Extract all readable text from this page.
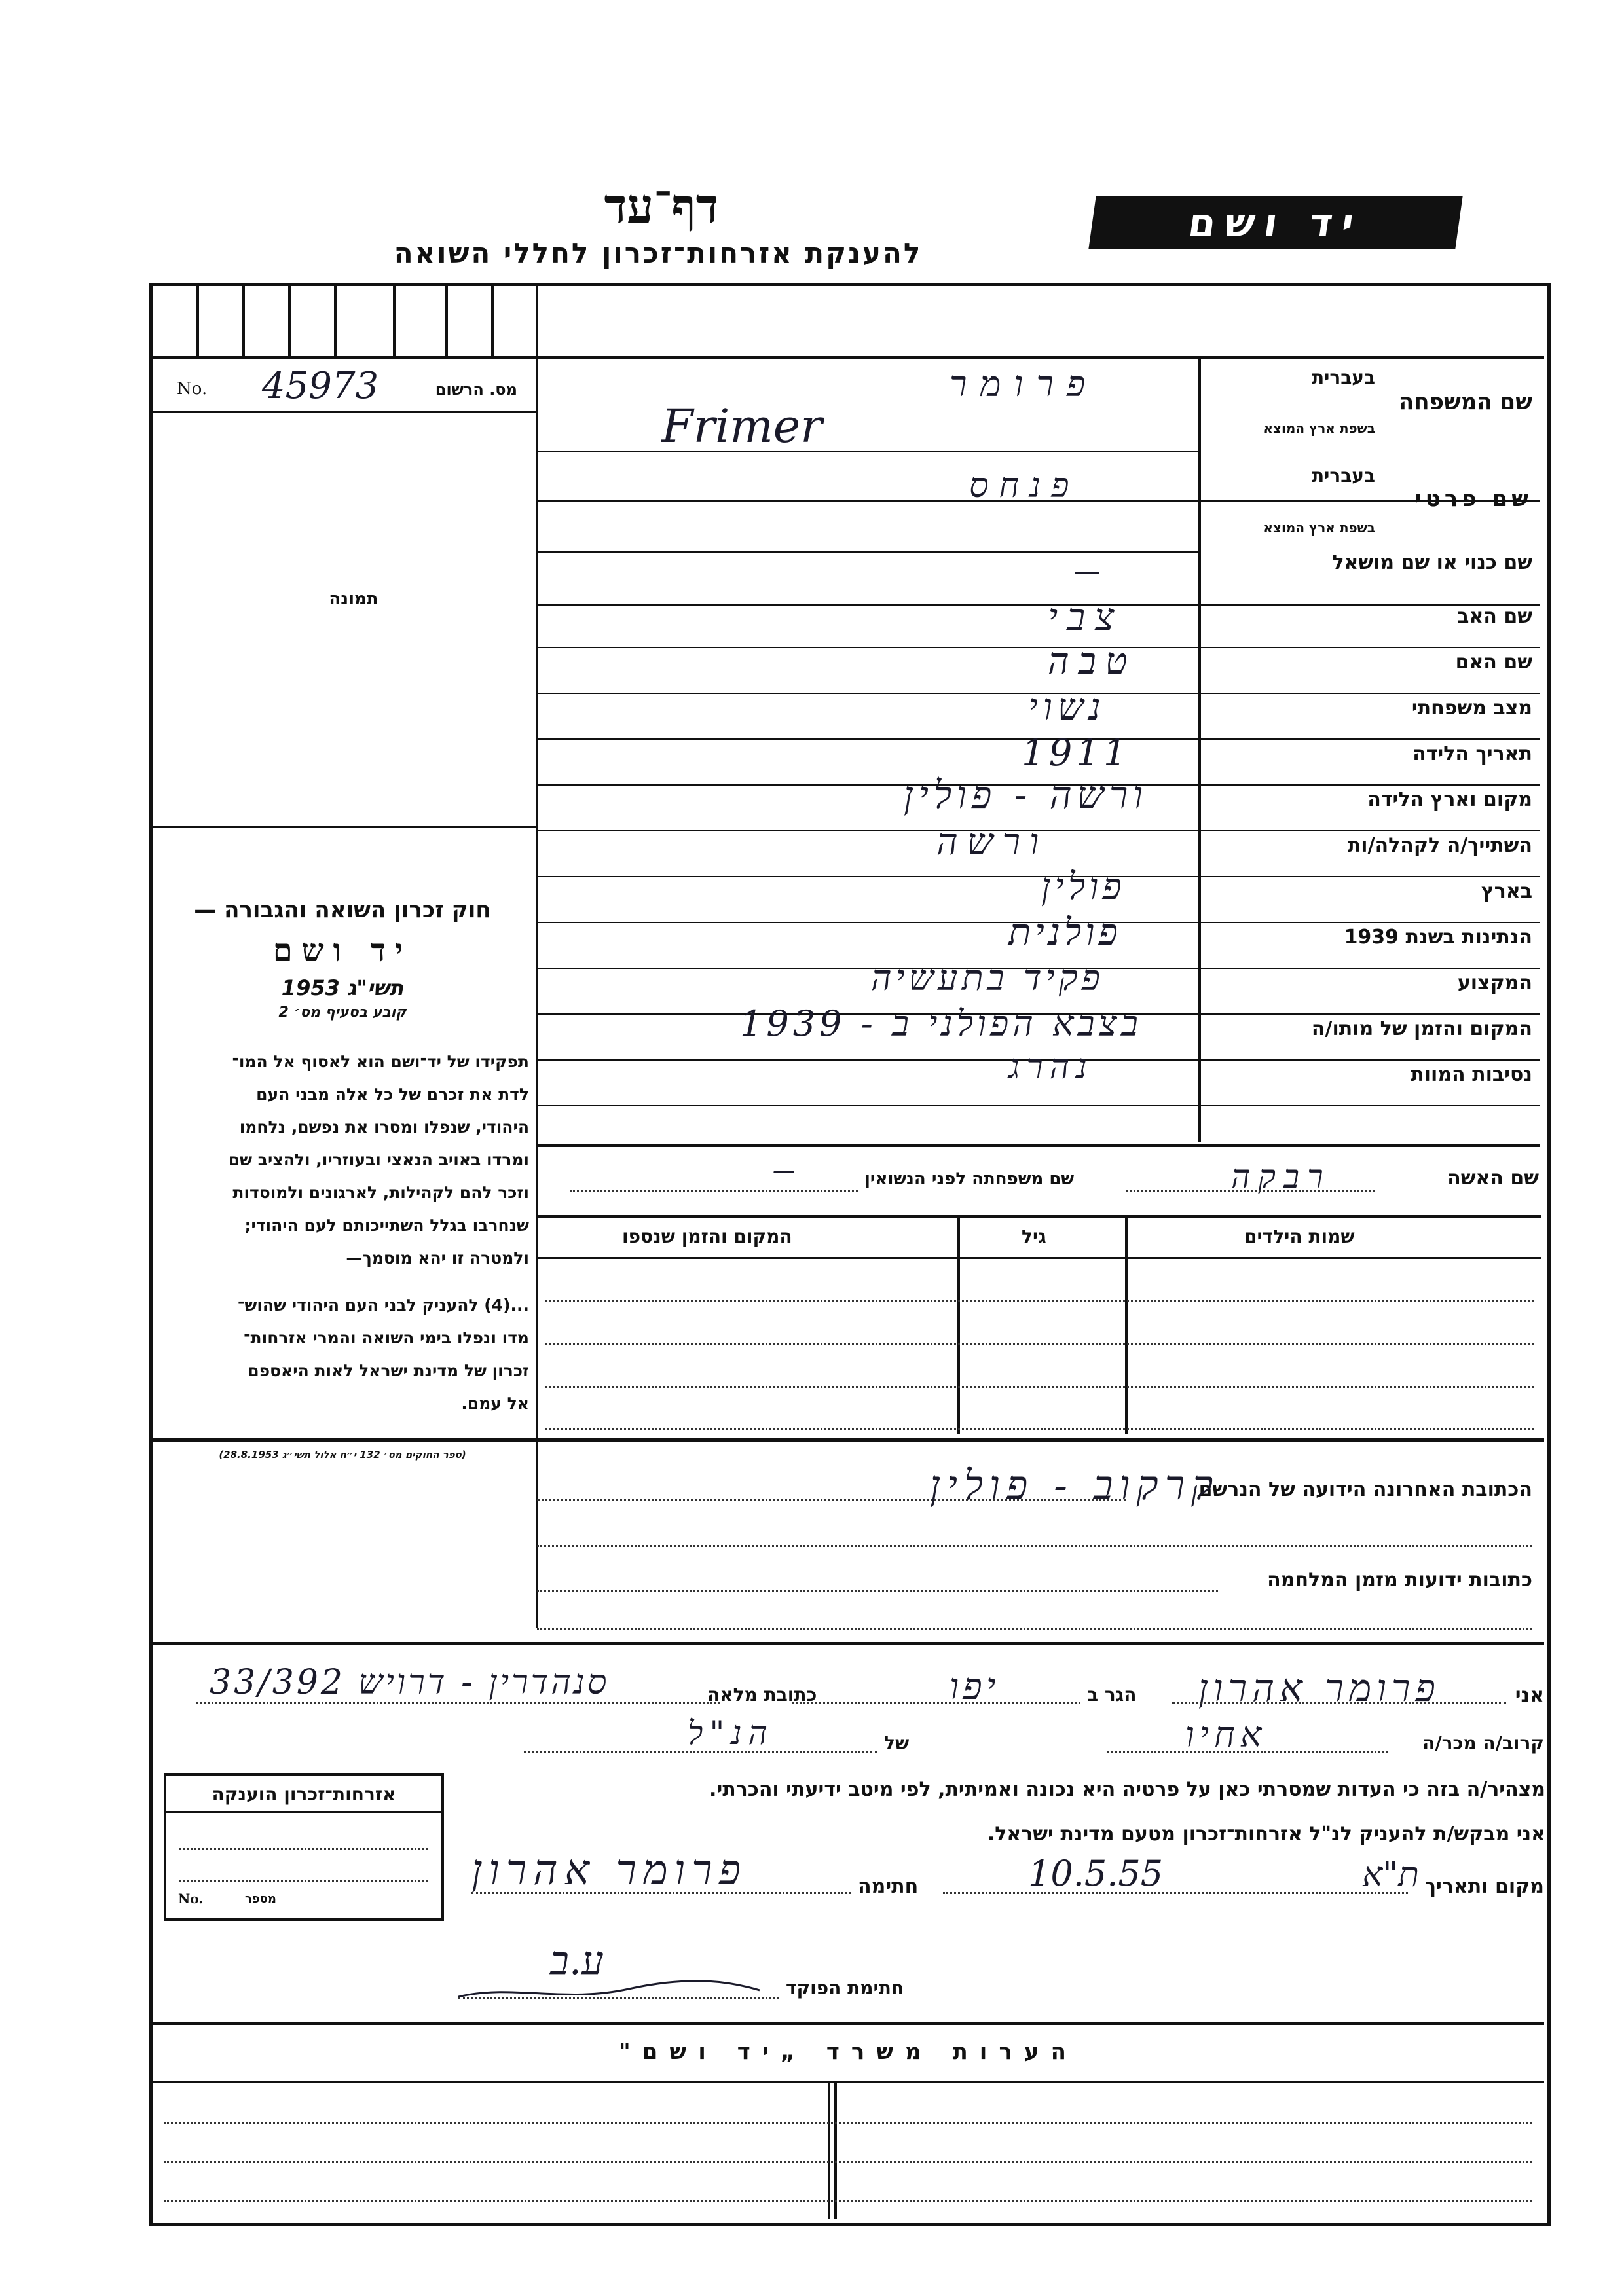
יד ושם
דף־עד
להענקת אזרחות־זכרון לחללי השואה
No. 45973	מס. הרשום
תמונה
חוק זכרון השואה והגבורה —
יד ושם
תשי"ג 1953
קובע בסעיף מס׳ 2
תפקידו של יד־ושם הוא לאסוף אל המו־
לדת את זכרם של כל אלה מבני העם
היהודי, שנפלו ומסרו את נפשם, נלחמו
ומרדו באויב הנאצי ובעוזריו, ולהציב שם
וזכר להם לקהילות, לארגונים ולמוסדות
שנחרבו בגלל השתייכותם לעם היהודי;
ולמטרה זו יהא מוסמך—
...(4) להעניק לבני העם היהודי שהוש־
מדו ונפלו בימי השואה והמרי אזרחות־
זכרון של מדינת ישראל לאות היאספם
אל עמם.
(ספר החוקים מס׳ 132 י״ח אלול תשי״ג 28.8.1953)
שם המשפחה
בעברית
בשפת ארץ המוצא
פרומר
Frimer
שם פרטי
בעברית
בשפת ארץ המוצא
פנחס
שם כנוי או שם מושאל
—
שם האב
צבי
שם האם
טבה
מצב משפחתי
נשוי
תאריך הלידה
1911
מקום וארץ הלידה
ורשה - פולין
השתייך/ה לקהלה/ות
ורשה
בארץ
פולין
הנתינות בשנת 1939
פולנית
המקצוע
פקיד בתעשיה
המקום והזמן של מותו/ה
בצבא הפולני ב - 1939
נסיבות המוות
נהרג
שם האשה
רבקה
שם משפחתה לפני הנשואין
—
שמות הילדים
גיל
המקום והזמן שנספו
הכתובת האחרונה הידועה של הנרשם
קרקוב - פולין
כתובות ידועות מזמן המלחמה
אני
פרומר אהרון
הגר ב
יפו
כתובת מלאה
סנהדרין - דרויש 33/392
קרוב/ה מכר/ה
אחיו
של
הנ"ל
מצהיר/ה בזה כי העדות שמסרתי כאן על פרטיה היא נכונה ואמיתית, לפי מיטב ידיעתי והכרתי.
אני מבקש/ת להעניק לנ"ל אזרחות־זכרון מטעם מדינת ישראל.
מקום ותאריך
ת"א
10.5.55
חתימה
פרומר אהרון
ע.ב
חתימת הפוקד
אזרחות־זכרון הוענקה
No.	מספר
הערות משרד „יד ושם"
